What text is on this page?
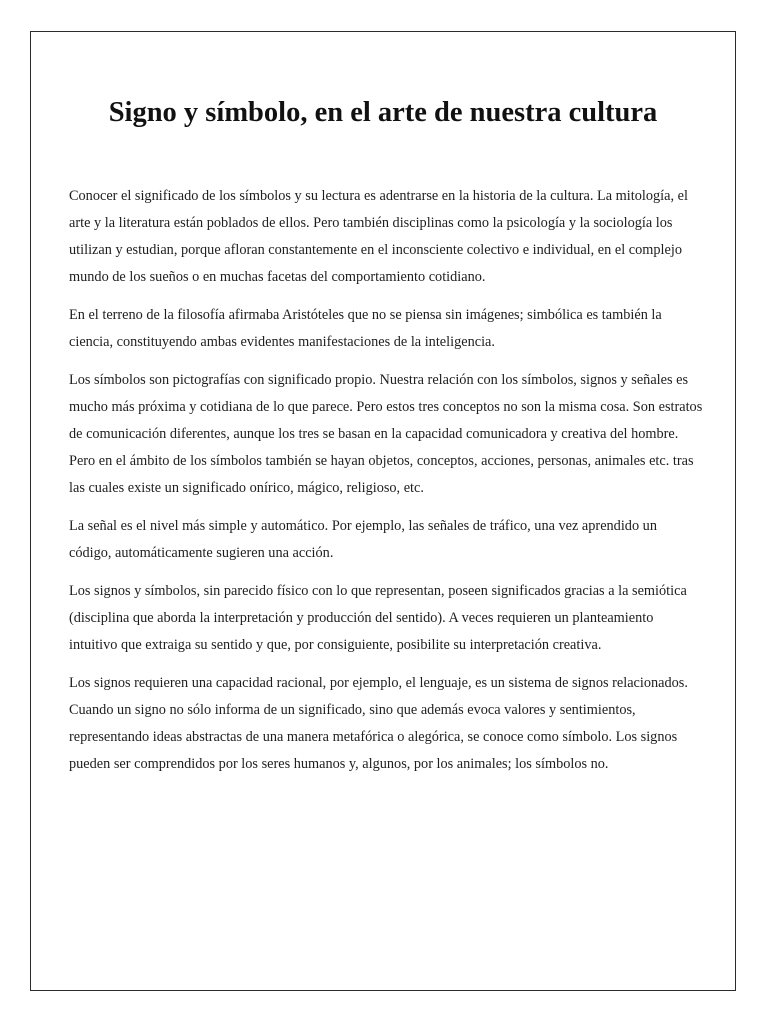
Signo y símbolo, en el arte de nuestra cultura

Conocer el significado de los símbolos y su lectura es adentrarse en la historia de la cultura. La mitología, el arte y la literatura están poblados de ellos. Pero también disciplinas como la psicología y la sociología los utilizan y estudian, porque afloran constantemente en el inconsciente colectivo e individual, en el complejo mundo de los sueños o en muchas facetas del comportamiento cotidiano.

En el terreno de la filosofía afirmaba Aristóteles que no se piensa sin imágenes; simbólica es también la ciencia, constituyendo ambas evidentes manifestaciones de la inteligencia.

Los símbolos son pictografías con significado propio. Nuestra relación con los símbolos, signos y señales es mucho más próxima y cotidiana de lo que parece. Pero estos tres conceptos no son la misma cosa. Son estratos de comunicación diferentes, aunque los tres se basan en la capacidad comunicadora y creativa del hombre. Pero en el ámbito de los símbolos también se hayan objetos, conceptos, acciones, personas, animales etc. tras las cuales existe un significado onírico, mágico, religioso, etc.

La señal es el nivel más simple y automático. Por ejemplo, las señales de tráfico, una vez aprendido un código, automáticamente sugieren una acción.

Los signos y símbolos, sin parecido físico con lo que representan, poseen significados gracias a la semiótica (disciplina que aborda la interpretación y producción del sentido). A veces requieren un planteamiento intuitivo que extraiga su sentido y que, por consiguiente, posibilite su interpretación creativa.

Los signos requieren una capacidad racional, por ejemplo, el lenguaje, es un sistema de signos relacionados. Cuando un signo no sólo informa de un significado, sino que además evoca valores y sentimientos, representando ideas abstractas de una manera metafórica o alegórica, se conoce como símbolo. Los signos pueden ser comprendidos por los seres humanos y, algunos, por los animales; los símbolos no.
